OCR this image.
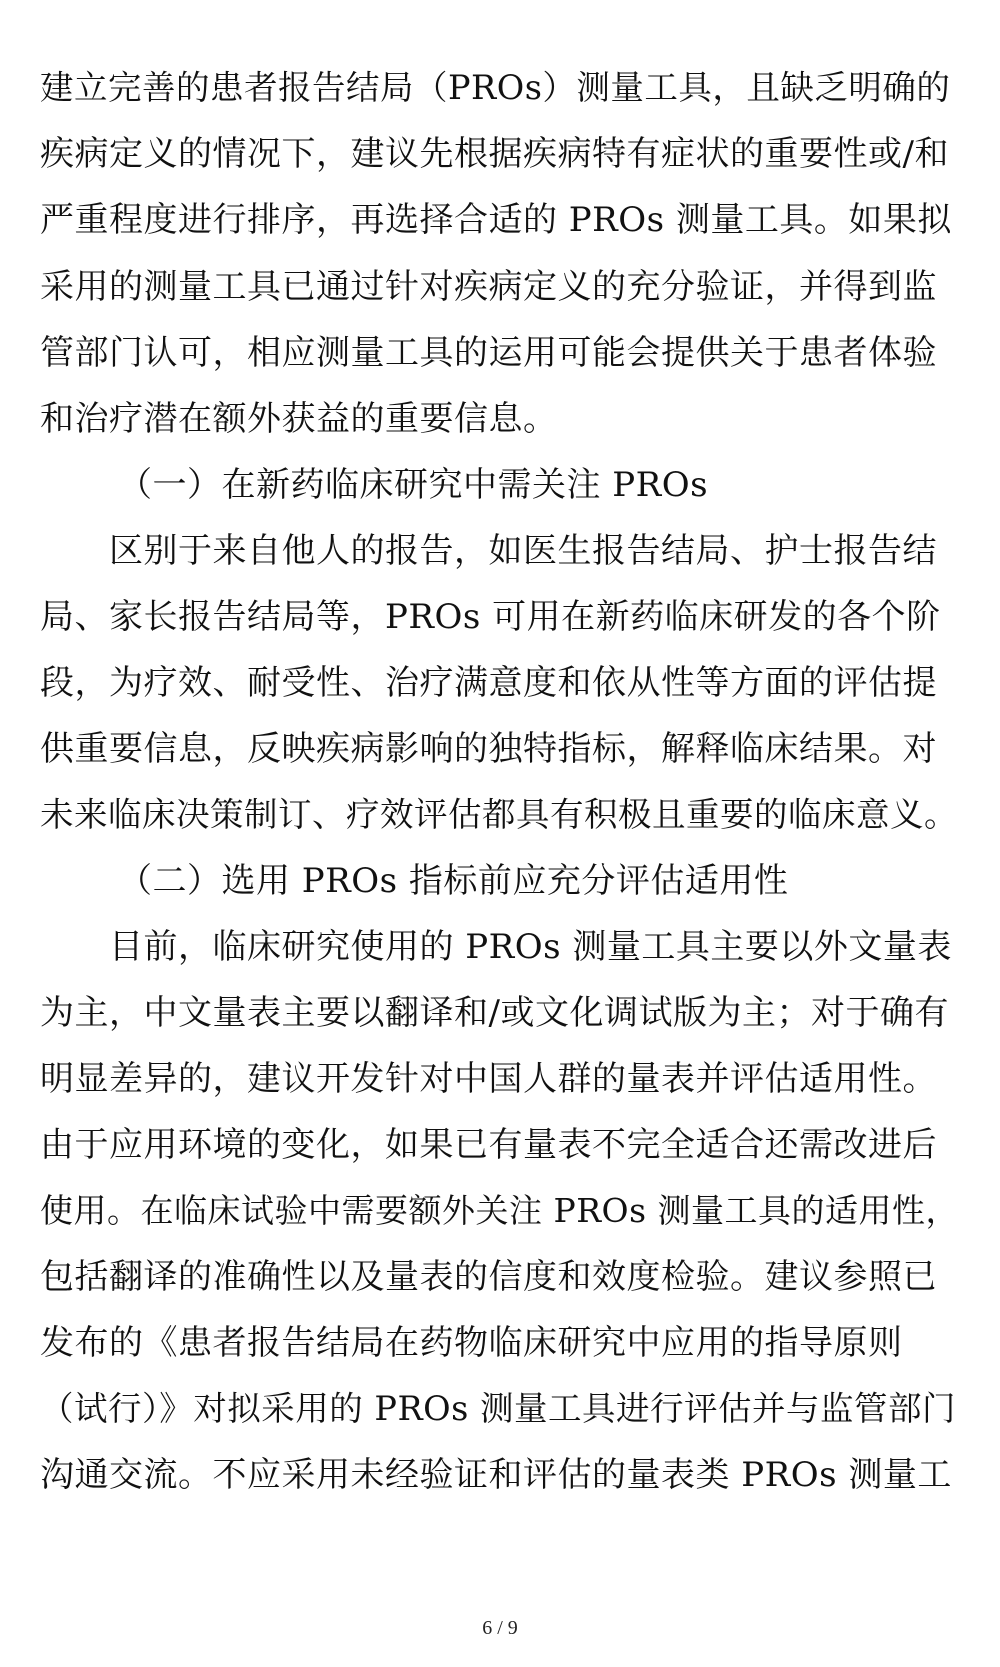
建立完善的患者报告结局（PROs）测量工具，且缺乏明确的
疾病定义的情况下，建议先根据疾病特有症状的重要性或/和
严重程度进行排序，再选择合适的 PROs 测量工具。如果拟
采用的测量工具已通过针对疾病定义的充分验证，并得到监
管部门认可，相应测量工具的运用可能会提供关于患者体验
和治疗潜在额外获益的重要信息。
（一）在新药临床研究中需关注 PROs
　　区别于来自他人的报告，如医生报告结局、护士报告结
局、家长报告结局等，PROs 可用在新药临床研发的各个阶
段，为疗效、耐受性、治疗满意度和依从性等方面的评估提
供重要信息，反映疾病影响的独特指标，解释临床结果。对
未来临床决策制订、疗效评估都具有积极且重要的临床意义。
（二）选用 PROs 指标前应充分评估适用性
　　目前，临床研究使用的 PROs 测量工具主要以外文量表
为主，中文量表主要以翻译和/或文化调试版为主；对于确有
明显差异的，建议开发针对中国人群的量表并评估适用性。
由于应用环境的变化，如果已有量表不完全适合还需改进后
使用。在临床试验中需要额外关注 PROs 测量工具的适用性，
包括翻译的准确性以及量表的信度和效度检验。建议参照已
发布的《患者报告结局在药物临床研究中应用的指导原则
（试行）》对拟采用的 PROs 测量工具进行评估并与监管部门
沟通交流。不应采用未经验证和评估的量表类 PROs 测量工
6 / 9
